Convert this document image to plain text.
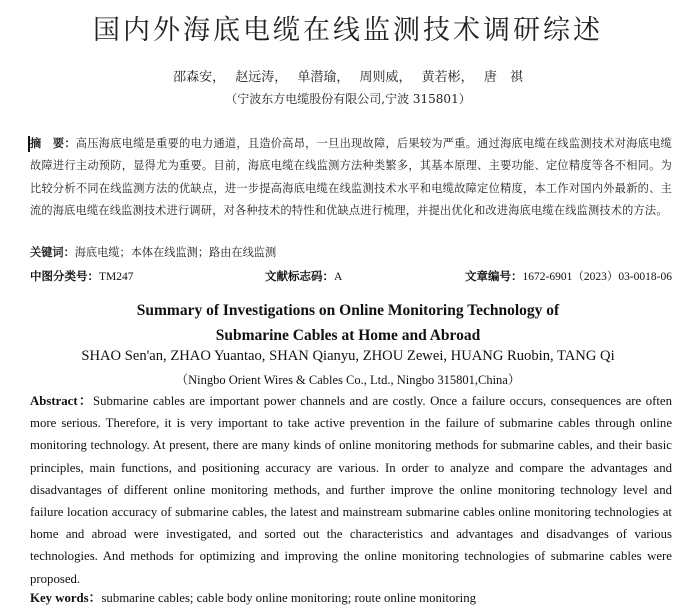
国内外海底电缆在线监测技术调研综述
邵森安， 赵远涛， 单潜瑜， 周则威， 黄若彬， 唐　祺
（宁波东方电缆股份有限公司,宁波 315801）
摘　要：高压海底电缆是重要的电力通道，且造价高昂，一旦出现故障，后果较为严重。通过海底电缆在线监测技术对海底电缆故障进行主动预防，显得尤为重要。目前，海底电缆在线监测方法种类繁多，其基本原理、主要功能、定位精度等各不相同。为比较分析不同在线监测方法的优缺点，进一步提高海底电缆在线监测技术水平和电缆故障定位精度，本工作对国内外最新的、主流的海底电缆在线监测技术进行调研，对各种技术的特性和优缺点进行梳理，并提出优化和改进海底电缆在线监测技术的方法。
关键词：海底电缆；本体在线监测；路由在线监测
中图分类号：TM247	文献标志码：A	文章编号：1672-6901（2023）03-0018-06
Summary of Investigations on Online Monitoring Technology of
Submarine Cables at Home and Abroad
SHAO Sen'an, ZHAO Yuantao, SHAN Qianyu, ZHOU Zewei, HUANG Ruobin, TANG Qi
（Ningbo Orient Wires & Cables Co., Ltd., Ningbo 315801,China）
Abstract：Submarine cables are important power channels and are costly. Once a failure occurs, consequences are often more serious. Therefore, it is very important to take active prevention in the failure of submarine cables through online monitoring technology. At present, there are many kinds of online monitoring methods for submarine cables, and their basic principles, main functions, and positioning accuracy are various. In order to analyze and compare the advantages and disadvantages of different online monitoring methods, and further improve the online monitoring technology level and failure location accuracy of submarine cables, the latest and mainstream submarine cables online monitoring technologies at home and abroad were investigated, and sorted out the characteristics and advantages and disadvanges of various technologies. And methods for optimizing and improving the online monitoring technologies of submarine cables were proposed.
Key words：submarine cables; cable body online monitoring; route online monitoring
